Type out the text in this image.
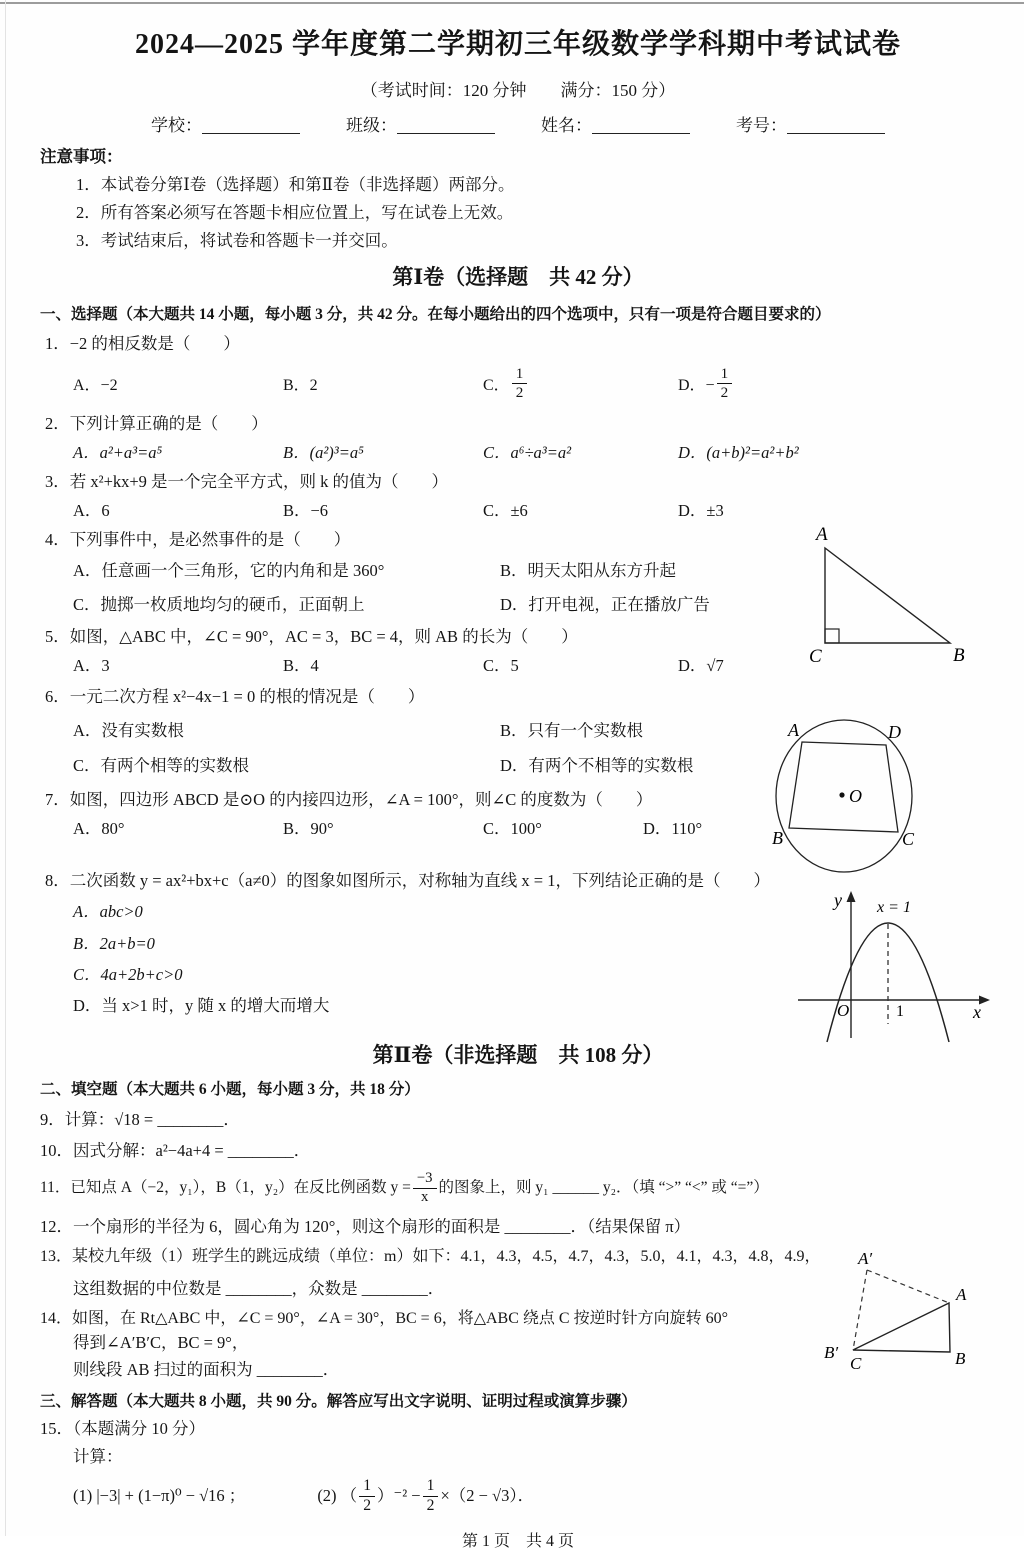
2024—2025 学年度第二学期初三年级数学学科期中考试试卷
（考试时间：120 分钟　　满分：150 分）
学校：	班级：	姓名：	考号：
注意事项：
1．本试卷分第Ⅰ卷（选择题）和第Ⅱ卷（非选择题）两部分。
2．所有答案必须写在答题卡相应位置上，写在试卷上无效。
3．考试结束后，将试卷和答题卡一并交回。
第Ⅰ卷（选择题　共 42 分）
一、选择题（本大题共 14 小题，每小题 3 分，共 42 分。在每小题给出的四个选项中，只有一项是符合题目要求的）
1．−2 的相反数是（　　）
A．−2	B．2	C． $\frac{1}{2}$	D．− $\frac{1}{2}$
2．下列计算正确的是（　　）
A．a²+a³=a⁵	B．(a²)³=a⁵	C．a⁶÷a³=a²	D．(a+b)²=a²+b²
3．若 x²+kx+9 是一个完全平方式，则 k 的值为（　　）
A．6	B．−6	C．±6	D．±3
4．下列事件中，是必然事件的是（　　）
A．任意画一个三角形，它的内角和是 360°	B．明天太阳从东方升起
C．抛掷一枚质地均匀的硬币，正面朝上	D．打开电视，正在播放广告
5．如图，△ABC 中，∠C = 90°，AC = 3，BC = 4，则 AB 的长为（　　）
A．3	B．4	C．5	D．√7
6．一元二次方程 x²−4x−1 = 0 的根的情况是（　　）
A．没有实数根	B．只有一个实数根
C．有两个相等的实数根	D．有两个不相等的实数根
7．如图，四边形 ABCD 是⊙O 的内接四边形，∠A = 100°，则∠C 的度数为（　　）
A．80°	B．90°	C．100°	D．110°
8．二次函数 y = ax²+bx+c（a≠0）的图象如图所示，对称轴为直线 x = 1，下列结论正确的是（　　）
A．abc>0
B．2a+b=0
C．4a+2b+c>0
D．当 x>1 时，y 随 x 的增大而增大
第Ⅱ卷（非选择题　共 108 分）
二、填空题（本大题共 6 小题，每小题 3 分，共 18 分）
9．计算：√18 = ________．
10．因式分解：a²−4a+4 = ________．
11．已知点 A（−2，y₁），B（1，y₂）在反比例函数 $y = \frac{-3}{x}$ 的图象上，则 y₁ ______ y₂．（填 “>” “<” 或 “=”）
12．一个扇形的半径为 6，圆心角为 120°，则这个扇形的面积是 ________．（结果保留 π）
13．某校九年级（1）班学生的跳远成绩（单位：m）如下：4.1，4.3，4.5，4.7，4.3，5.0，4.1，4.3，4.8，4.9，
这组数据的中位数是 ________，众数是 ________．
14．如图，在 Rt△ABC 中，∠C = 90°，∠A = 30°，BC = 6，将△ABC 绕点 C 按逆时针方向旋转 60°
得到∠A′B′C，BC = 9°，
则线段 AB 扫过的面积为 ________．
三、解答题（本大题共 8 小题，共 90 分。解答应写出文字说明、证明过程或演算步骤）
15．（本题满分 10 分）
计算：
(1) |−3| + (1−π)⁰ − √16 ；	(2) （ $\frac{1}{2} )^{-2} - \frac{1}{2} \times(2 - √3)$．
第 1 页　共 4 页
A
C	B
A	D
B	C
O
y x = 1
O	1	x
A′
A
B′	B
C
